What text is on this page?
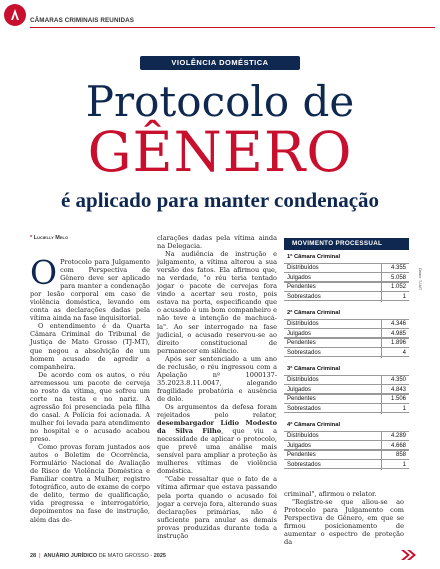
CÂMARAS CRIMINAIS REUNIDAS
VIOLÊNCIA DOMÉSTICA
Protocolo de
GÊNERO
é aplicado para manter condenação
* Lucielly Melo

O Protocolo para Julgamento com Perspectiva de Gênero deve ser aplicado para manter a condenação por lesão corporal em caso de violência doméstica, levando em conta as declarações dadas pela vítima ainda na fase inquisitorial.

O entendimento é da Quarta Câmara Criminal do Tribunal de Justiça de Mato Grosso (TJ-MT), que negou a absolvição de um homem acusado de agredir a companheira.

De acordo com os autos, o réu arremessou um pacote de cerveja no rosto da vítima, que sofreu um corte na testa e no nariz. A agressão foi presenciada pela filha do casal. A Polícia foi acionada. A mulher foi levada para atendimento no hospital e o acusado acabou preso.

Como provas foram juntados aos autos o Boletim de Ocorrência, Formulário Nacional de Avaliação de Risco de Violência Doméstica e Familiar contra a Mulher, registro fotográfico, auto de exame de corpo de delito, termo de qualificação, vida pregressa e interrogatório, depoimentos na fase de instrução, além das de-

clarações dadas pela vítima ainda na Delegacia.

Na audiência de instrução e julgamento, a vítima alterou a sua versão dos fatos. Ela afirmou que, na verdade, "o réu teria tentado jogar o pacote de cervejas fora vindo a acertar seu rosto, pois estava na porta, especificando que o acusado é um bom companheiro e não teve a intenção de machucá-la". Ao ser interrogado na fase judicial, o acusado reservou-se ao direito constitucional de permanecer em silêncio.

Após ser sentenciado a um ano de reclusão, o réu ingressou com a Apelação nº 1000137-35.2023.8.11.0047, alegando fragilidade probatória e ausência de dolo.

Os argumentos da defesa foram rejeitados pelo relator, desembargador Lídio Modesto da Silva Filho, que viu a necessidade de aplicar o protocolo, que prevê uma análise mais sensível para ampliar a proteção às mulheres vítimas de violência doméstica.

"Cabe ressaltar que o fato de a vítima afirmar que estava passando pela porta quando o acusado foi jogar a cerveja fora, alterando suas declarações primárias, não é suficiente para anular as demais provas produzidas durante toda a instrução

MOVIMENTO PROCESSUAL
1ª Câmara Criminal
Distribuídos	4.355
Julgados	5.058
Pendentes	1.052
Sobrestados	1
2ª Câmara Criminal
Distribuídos	4.346
Julgados	4.985
Pendentes	1.896
Sobrestados	4
3ª Câmara Criminal
Distribuídos	4.350
Julgados	4.843
Pendentes	1.506
Sobrestados	1
4ª Câmara Criminal
Distribuídos	4.289
Julgados	4.668
Pendentes	858
Sobrestados	1
Dados: TJ-MT

criminal", afirmou o relator.

"Registre-se que aliou-se ao Protocolo para Julgamento com Perspectiva de Gênero, em que se firmou posicionamento de aumentar o espectro de proteção da

28 | ANUÁRIO JURÍDICO DE MATO GROSSO - 2025
